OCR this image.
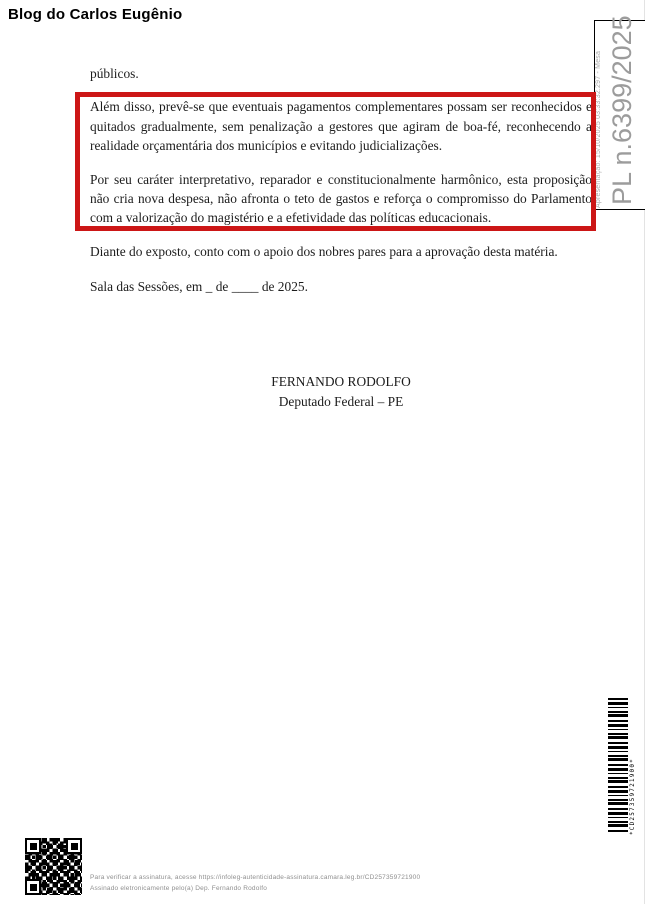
Blog do Carlos Eugênio
Apresentação: 15/10/2025 03:33:32.297 - Mesa PL n.6399/2025

públicos.

Além disso, prevê-se que eventuais pagamentos complementares possam ser reconhecidos e quitados gradualmente, sem penalização a gestores que agiram de boa-fé, reconhecendo a realidade orçamentária dos municípios e evitando judicializações.

Por seu caráter interpretativo, reparador e constitucionalmente harmônico, esta proposição não cria nova despesa, não afronta o teto de gastos e reforça o compromisso do Parlamento com a valorização do magistério e a efetividade das políticas educacionais.

Diante do exposto, conto com o apoio dos nobres pares para a aprovação desta matéria.

Sala das Sessões, em _ de ____ de 2025.

FERNANDO RODOLFO
Deputado Federal – PE
*CD257359721900*
Para verificar a assinatura, acesse https://infoleg-autenticidade-assinatura.camara.leg.br/CD257359721900
Assinado eletronicamente pelo(a) Dep. Fernando Rodolfo
